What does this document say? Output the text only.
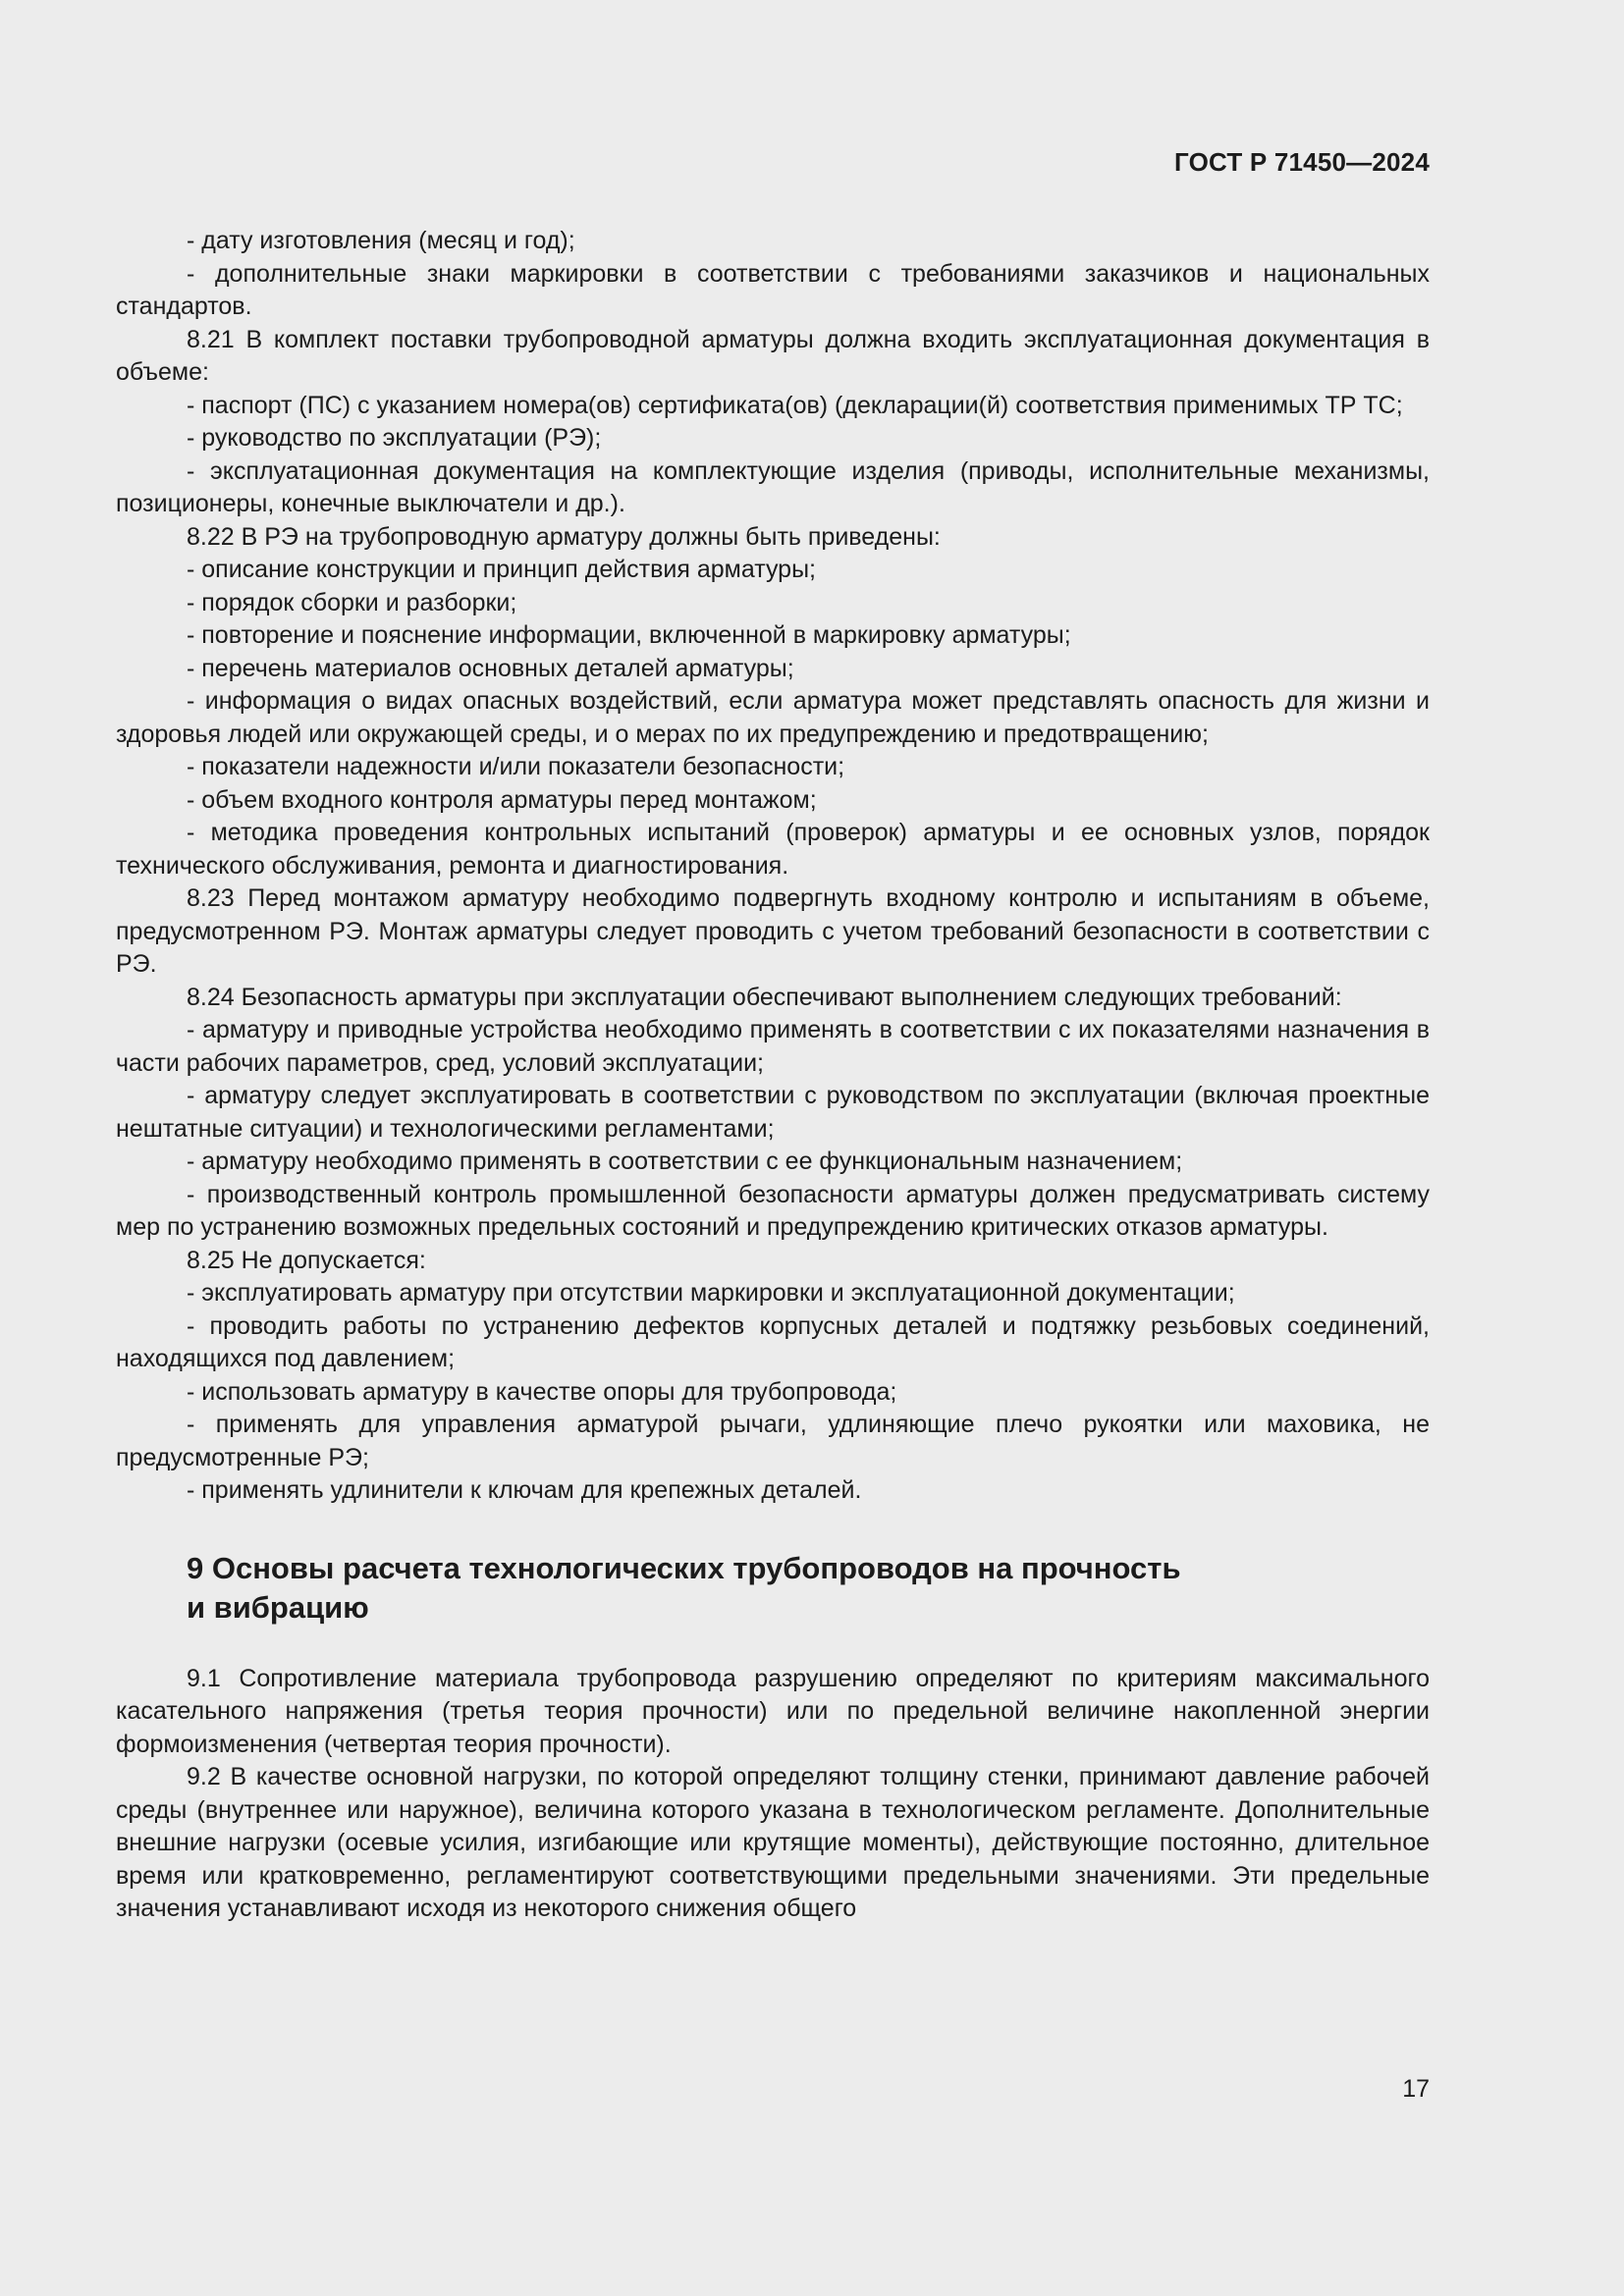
ГОСТ Р 71450—2024

- дату изготовления (месяц и год);

- дополнительные знаки маркировки в соответствии с требованиями заказчиков и национальных стандартов.

8.21 В комплект поставки трубопроводной арматуры должна входить эксплуатационная документация в объеме:

- паспорт (ПС) с указанием номера(ов) сертификата(ов) (декларации(й) соответствия применимых ТР ТС;

- руководство по эксплуатации (РЭ);

- эксплуатационная документация на комплектующие изделия (приводы, исполнительные механизмы, позиционеры, конечные выключатели и др.).

8.22 В РЭ на трубопроводную арматуру должны быть приведены:

- описание конструкции и принцип действия арматуры;

- порядок сборки и разборки;

- повторение и пояснение информации, включенной в маркировку арматуры;

- перечень материалов основных деталей арматуры;

- информация о видах опасных воздействий, если арматура может представлять опасность для жизни и здоровья людей или окружающей среды, и о мерах по их предупреждению и предотвращению;

- показатели надежности и/или показатели безопасности;

- объем входного контроля арматуры перед монтажом;

- методика проведения контрольных испытаний (проверок) арматуры и ее основных узлов, порядок технического обслуживания, ремонта и диагностирования.

8.23 Перед монтажом арматуру необходимо подвергнуть входному контролю и испытаниям в объеме, предусмотренном РЭ. Монтаж арматуры следует проводить с учетом требований безопасности в соответствии с РЭ.

8.24 Безопасность арматуры при эксплуатации обеспечивают выполнением следующих требований:

- арматуру и приводные устройства необходимо применять в соответствии с их показателями назначения в части рабочих параметров, сред, условий эксплуатации;

- арматуру следует эксплуатировать в соответствии с руководством по эксплуатации (включая проектные нештатные ситуации) и технологическими регламентами;

- арматуру необходимо применять в соответствии с ее функциональным назначением;

- производственный контроль промышленной безопасности арматуры должен предусматривать систему мер по устранению возможных предельных состояний и предупреждению критических отказов арматуры.

8.25 Не допускается:

- эксплуатировать арматуру при отсутствии маркировки и эксплуатационной документации;

- проводить работы по устранению дефектов корпусных деталей и подтяжку резьбовых соединений, находящихся под давлением;

- использовать арматуру в качестве опоры для трубопровода;

- применять для управления арматурой рычаги, удлиняющие плечо рукоятки или маховика, не предусмотренные РЭ;

- применять удлинители к ключам для крепежных деталей.

9 Основы расчета технологических трубопроводов на прочность
и вибрацию

9.1 Сопротивление материала трубопровода разрушению определяют по критериям максимального касательного напряжения (третья теория прочности) или по предельной величине накопленной энергии формоизменения (четвертая теория прочности).

9.2 В качестве основной нагрузки, по которой определяют толщину стенки, принимают давление рабочей среды (внутреннее или наружное), величина которого указана в технологическом регламенте. Дополнительные внешние нагрузки (осевые усилия, изгибающие или крутящие моменты), действующие постоянно, длительное время или кратковременно, регламентируют соответствующими предельными значениями. Эти предельные значения устанавливают исходя из некоторого снижения общего

17
